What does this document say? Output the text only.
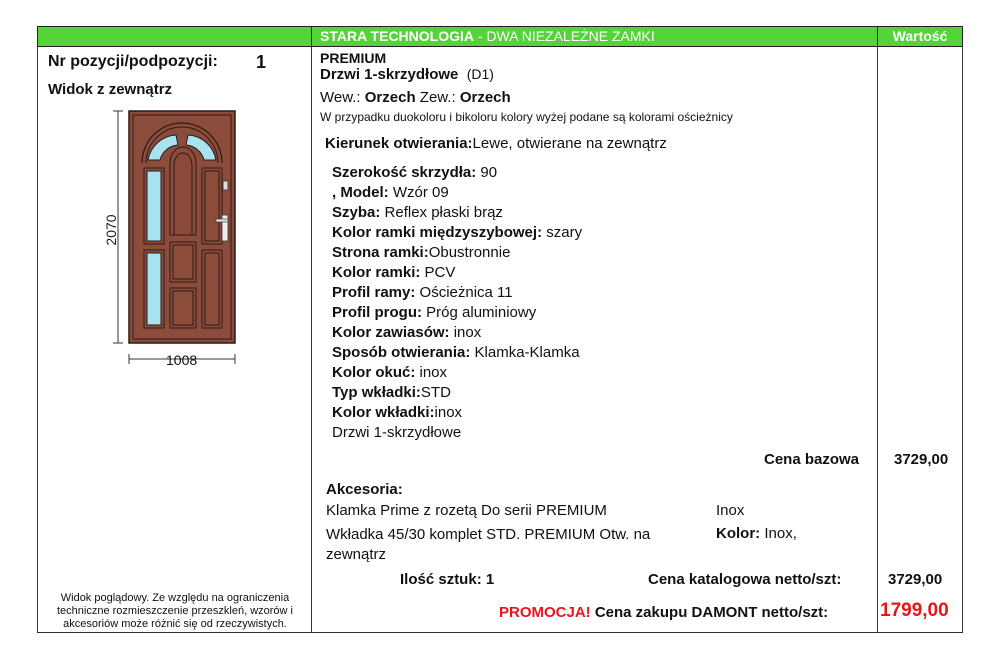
STARA TECHNOLOGIA - DWA NIEZALEŻNE ZAMKI	Wartość
Nr pozycji/podpozycji: 1
Widok z zewnątrz
2070
1008
Widok poglądowy. Ze względu na ograniczenia
techniczne rozmieszczenie przeszkleń, wzorów i
akcesoriów może różnić się od rzeczywistych.
PREMIUM
Drzwi 1-skrzydłowe (D1)
Wew.: Orzech Zew.: Orzech
W przypadku duokoloru i bikoloru kolory wyżej podane są kolorami ościeżnicy
Kierunek otwierania:Lewe, otwierane na zewnątrz
Szerokość skrzydła: 90
, Model: Wzór 09
Szyba: Reflex płaski brąz
Kolor ramki międzyszybowej: szary
Strona ramki:Obustronnie
Kolor ramki: PCV
Profil ramy: Ościeżnica 11
Profil progu: Próg aluminiowy
Kolor zawiasów: inox
Sposób otwierania: Klamka-Klamka
Kolor okuć: inox
Typ wkładki:STD
Kolor wkładki:inox
Drzwi 1-skrzydłowe
Cena bazowa 3729,00
Akcesoria:
Klamka Prime z rozetą Do serii PREMIUM	Inox
Wkładka 45/30 komplet STD. PREMIUM Otw. na
zewnątrz
Kolor: Inox,
Ilość sztuk: 1	Cena katalogowa netto/szt:	3729,00
PROMOCJA! Cena zakupu DAMONT netto/szt:	1799,00
